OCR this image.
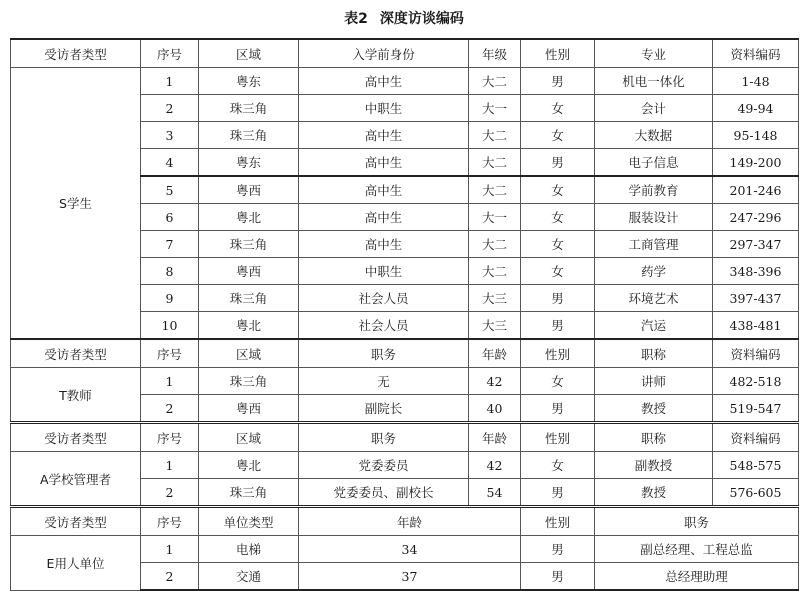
表2 深度访谈编码
受访者类型	序号	区域	入学前身份	年级	性别	专业	资料编码	
S学生	1	粤东	高中生	大二	男	机电一体化	1-48	
	2	珠三角	中职生	大一	女	会计	49-94	
	3	珠三角	高中生	大二	女	大数据	95-148	
	4	粤东	高中生	大二	男	电子信息	149-200	
	5	粤西	高中生	大二	女	学前教育	201-246	
	6	粤北	高中生	大一	女	服装设计	247-296	
	7	珠三角	高中生	大二	女	工商管理	297-347	
	8	粤西	中职生	大二	女	药学	348-396	
	9	珠三角	社会人员	大三	男	环境艺术	397-437	
	10	粤北	社会人员	大三	男	汽运	438-481	
受访者类型	序号	区域	职务	年龄	性别	职称	资料编码	
T教师	1	珠三角	无	42	女	讲师	482-518	
	2	粤西	副院长	40	男	教授	519-547	
受访者类型	序号	区域	职务	年龄	性别	职称	资料编码	
A学校管理者	1	粤北	党委委员	42	女	副教授	548-575	
	2	珠三角	党委委员、副校长	54	男	教授	576-605	
受访者类型	序号	单位类型	年龄		性别	职务	
E用人单位	1	电梯	34		男	副总经理、工程总监	
	2	交通	37		男	总经理助理	
